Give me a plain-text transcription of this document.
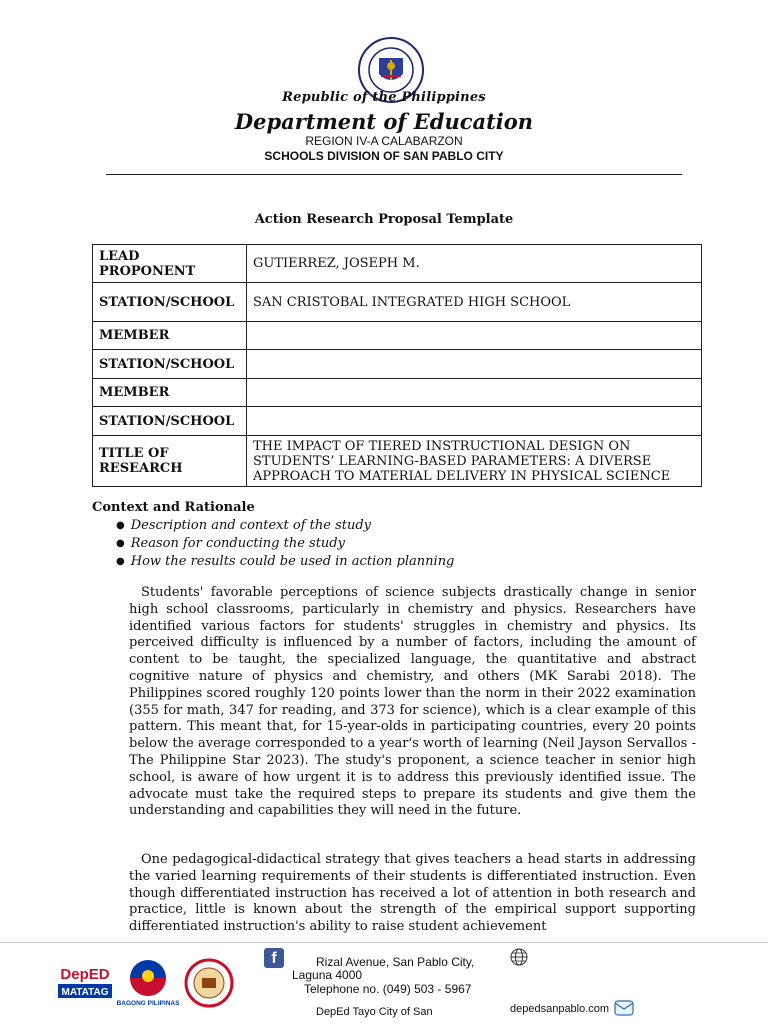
Republic of the Philippines
Department of Education
REGION IV-A CALABARZON
SCHOOLS DIVISION OF SAN PABLO CITY
Action Research Proposal Template
LEAD PROPONENT	GUTIERREZ, JOSEPH M.
STATION/SCHOOL	SAN CRISTOBAL INTEGRATED HIGH SCHOOL
MEMBER	
STATION/SCHOOL	
MEMBER	
STATION/SCHOOL	
TITLE OF RESEARCH	THE IMPACT OF TIERED INSTRUCTIONAL DESIGN ON STUDENTS’ LEARNING-BASED PARAMETERS: A DIVERSE APPROACH TO MATERIAL DELIVERY IN PHYSICAL SCIENCE
Context and Rationale
● Description and context of the study
● Reason for conducting the study
● How the results could be used in action planning
Students' favorable perceptions of science subjects drastically change in senior high school classrooms, particularly in chemistry and physics. Researchers have identified various factors for students' struggles in chemistry and physics. Its perceived difficulty is influenced by a number of factors, including the amount of content to be taught, the specialized language, the quantitative and abstract cognitive nature of physics and chemistry, and others (MK Sarabi 2018). The Philippines scored roughly 120 points lower than the norm in their 2022 examination (355 for math, 347 for reading, and 373 for science), which is a clear example of this pattern. This meant that, for 15-year-olds in participating countries, every 20 points below the average corresponded to a year's worth of learning (Neil Jayson Servallos - The Philippine Star 2023). The study's proponent, a science teacher in senior high school, is aware of how urgent it is to address this previously identified issue. The advocate must take the required steps to prepare its students and give them the understanding and capabilities they will need in the future.
One pedagogical-didactical strategy that gives teachers a head starts in addressing the varied learning requirements of their students is differentiated instruction. Even though differentiated instruction has received a lot of attention in both research and practice, little is known about the strength of the empirical support supporting differentiated instruction's ability to raise student achievement
DepED
MATATAG
BAGONG PILIPINAS
f	Rizal Avenue, San Pablo City,
Laguna 4000
Telephone no. (049) 503 - 5967
DepEd Tayo City of San	depedsanpablo.com
